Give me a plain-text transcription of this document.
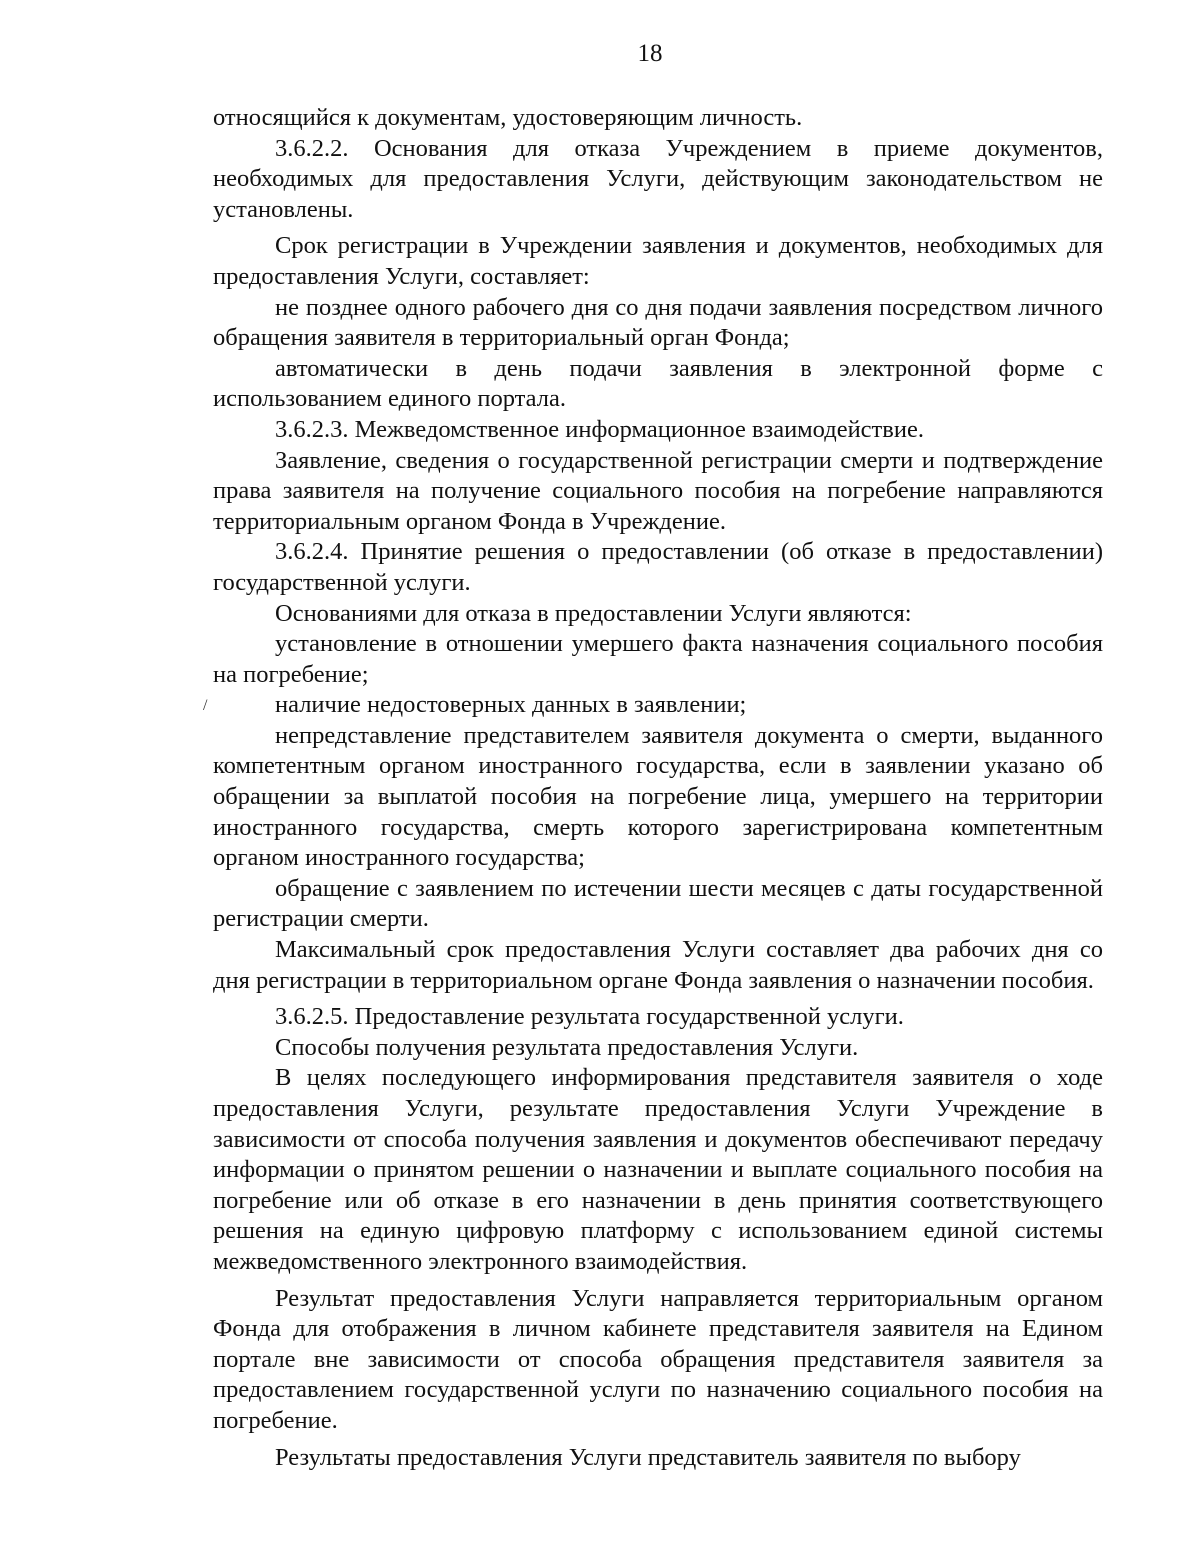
18
/

относящийся к документам, удостоверяющим личность.

3.6.2.2. Основания для отказа Учреждением в приеме документов, необходимых для предоставления Услуги, действующим законодательством не установлены.

Срок регистрации в Учреждении заявления и документов, необходимых для предоставления Услуги, составляет:

не позднее одного рабочего дня со дня подачи заявления посредством личного обращения заявителя в территориальный орган Фонда;

автоматически в день подачи заявления в электронной форме с использованием единого портала.

3.6.2.3. Межведомственное информационное взаимодействие.

Заявление, сведения о государственной регистрации смерти и подтверждение права заявителя на получение социального пособия на погребение направляются территориальным органом Фонда в Учреждение.

3.6.2.4. Принятие решения о предоставлении (об отказе в предоставлении) государственной услуги.

Основаниями для отказа в предоставлении Услуги являются:

установление в отношении умершего факта назначения социального пособия на погребение;

наличие недостоверных данных в заявлении;

непредставление представителем заявителя документа о смерти, выданного компетентным органом иностранного государства, если в заявлении указано об обращении за выплатой пособия на погребение лица, умершего на территории иностранного государства, смерть которого зарегистрирована компетентным органом иностранного государства;

обращение с заявлением по истечении шести месяцев с даты государственной регистрации смерти.

Максимальный срок предоставления Услуги составляет два рабочих дня со дня регистрации в территориальном органе Фонда заявления о назначении пособия.

3.6.2.5. Предоставление результата государственной услуги.

Способы получения результата предоставления Услуги.

В целях последующего информирования представителя заявителя о ходе предоставления Услуги, результате предоставления Услуги Учреждение в зависимости от способа получения заявления и документов обеспечивают передачу информации о принятом решении о назначении и выплате социального пособия на погребение или об отказе в его назначении в день принятия соответствующего решения на единую цифровую платформу с использованием единой системы межведомственного электронного взаимодействия.

Результат предоставления Услуги направляется территориальным органом Фонда для отображения в личном кабинете представителя заявителя на Едином портале вне зависимости от способа обращения представителя заявителя за предоставлением государственной услуги по назначению социального пособия на погребение.

Результаты предоставления Услуги представитель заявителя по выбору
